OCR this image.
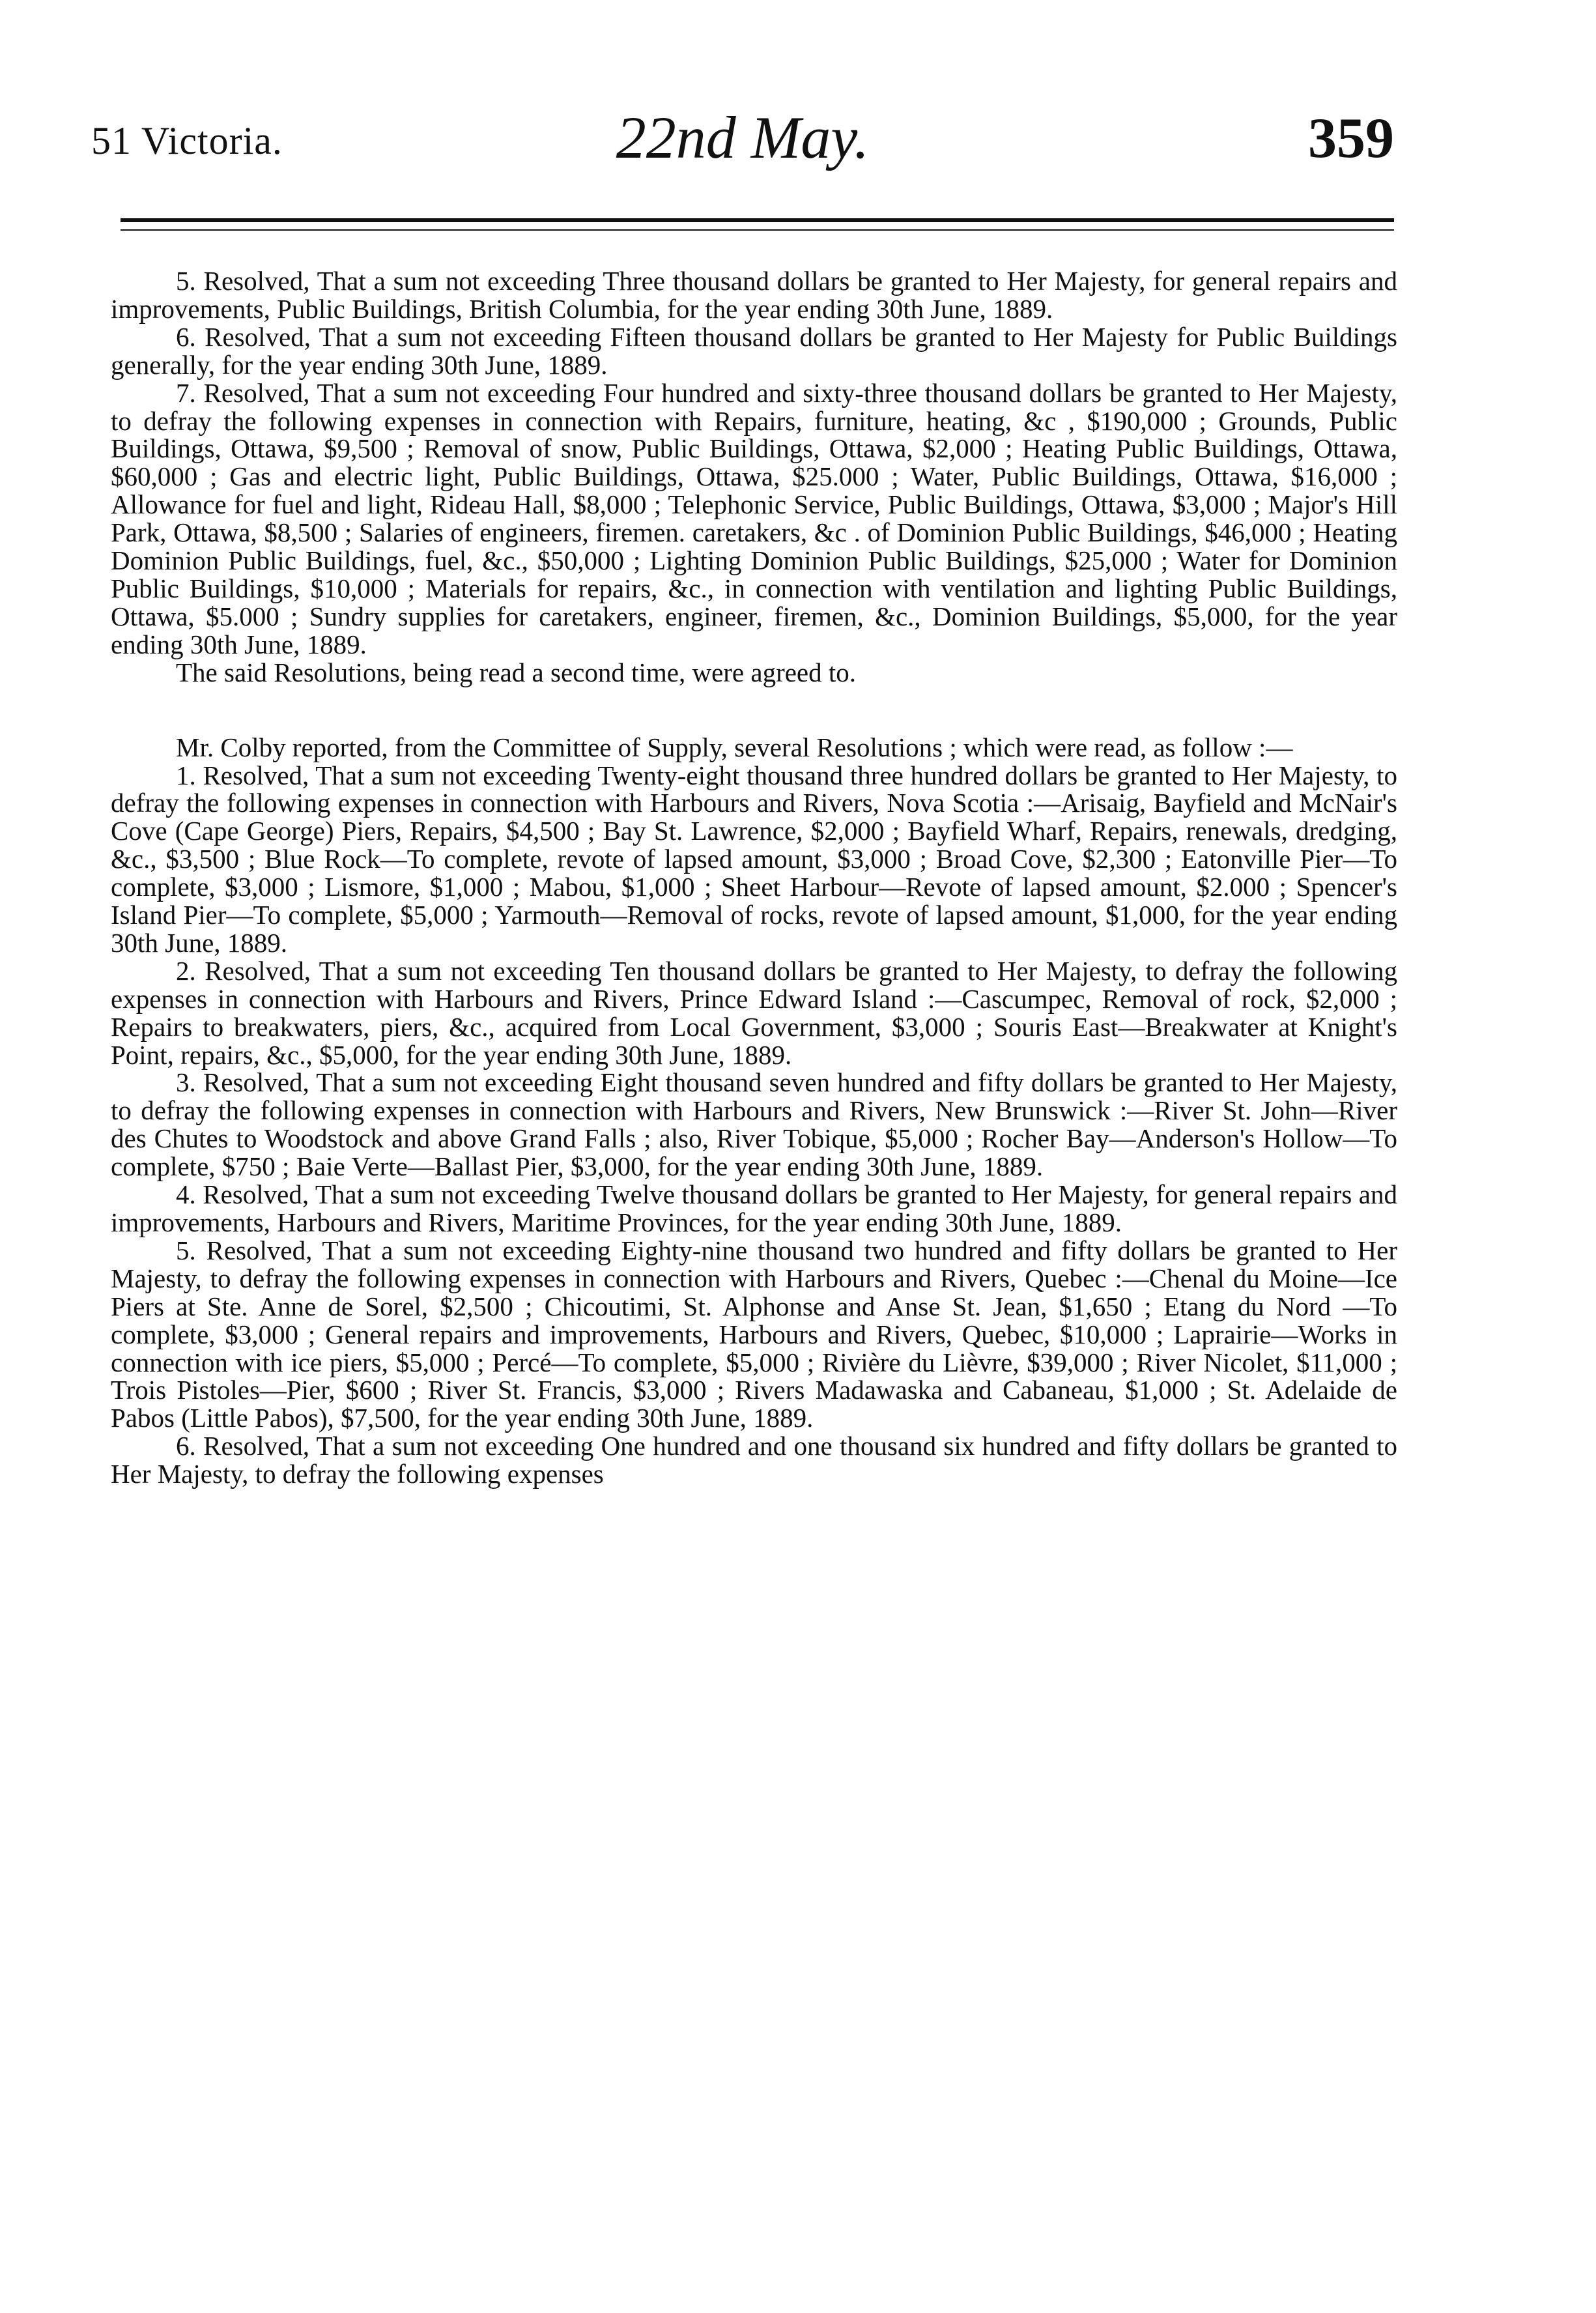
51 Victoria.	22nd May.	359

5. Resolved, That a sum not exceeding Three thousand dollars be granted to Her Majesty, for general repairs and improvements, Public Buildings, British Columbia, for the year ending 30th June, 1889.

6. Resolved, That a sum not exceeding Fifteen thousand dollars be granted to Her Majesty for Public Buildings generally, for the year ending 30th June, 1889.

7. Resolved, That a sum not exceeding Four hundred and sixty-three thousand dollars be granted to Her Majesty, to defray the following expenses in connection with Repairs, furniture, heating, &c , $190,000 ; Grounds, Public Buildings, Ottawa, $9,500 ; Removal of snow, Public Buildings, Ottawa, $2,000 ; Heating Public Buildings, Ottawa, $60,000 ; Gas and electric light, Public Buildings, Ottawa, $25.000 ; Water, Public Buildings, Ottawa, $16,000 ; Allowance for fuel and light, Rideau Hall, $8,000 ; Telephonic Service, Public Buildings, Ottawa, $3,000 ; Major's Hill Park, Ottawa, $8,500 ; Salaries of engineers, firemen. caretakers, &c . of Dominion Public Buildings, $46,000 ; Heating Dominion Public Buildings, fuel, &c., $50,000 ; Lighting Dominion Public Buildings, $25,000 ; Water for Dominion Public Buildings, $10,000 ; Materials for repairs, &c., in connection with ventilation and lighting Public Buildings, Ottawa, $5.000 ; Sundry supplies for caretakers, engineer, firemen, &c., Dominion Buildings, $5,000, for the year ending 30th June, 1889.

The said Resolutions, being read a second time, were agreed to.

Mr. Colby reported, from the Committee of Supply, several Resolutions ; which were read, as follow :—

1. Resolved, That a sum not exceeding Twenty-eight thousand three hundred dollars be granted to Her Majesty, to defray the following expenses in connection with Harbours and Rivers, Nova Scotia :—Arisaig, Bayfield and McNair's Cove (Cape George) Piers, Repairs, $4,500 ; Bay St. Lawrence, $2,000 ; Bayfield Wharf, Repairs, renewals, dredging, &c., $3,500 ; Blue Rock—To complete, revote of lapsed amount, $3,000 ; Broad Cove, $2,300 ; Eatonville Pier—To complete, $3,000 ; Lismore, $1,000 ; Mabou, $1,000 ; Sheet Harbour—Revote of lapsed amount, $2.000 ; Spencer's Island Pier—To complete, $5,000 ; Yarmouth—Removal of rocks, revote of lapsed amount, $1,000, for the year ending 30th June, 1889.

2. Resolved, That a sum not exceeding Ten thousand dollars be granted to Her Majesty, to defray the following expenses in connection with Harbours and Rivers, Prince Edward Island :—Cascumpec, Removal of rock, $2,000 ; Repairs to breakwaters, piers, &c., acquired from Local Government, $3,000 ; Souris East—Breakwater at Knight's Point, repairs, &c., $5,000, for the year ending 30th June, 1889.

3. Resolved, That a sum not exceeding Eight thousand seven hundred and fifty dollars be granted to Her Majesty, to defray the following expenses in connection with Harbours and Rivers, New Brunswick :—River St. John—River des Chutes to Woodstock and above Grand Falls ; also, River Tobique, $5,000 ; Rocher Bay—Anderson's Hollow—To complete, $750 ; Baie Verte—Ballast Pier, $3,000, for the year ending 30th June, 1889.

4. Resolved, That a sum not exceeding Twelve thousand dollars be granted to Her Majesty, for general repairs and improvements, Harbours and Rivers, Maritime Provinces, for the year ending 30th June, 1889.

5. Resolved, That a sum not exceeding Eighty-nine thousand two hundred and fifty dollars be granted to Her Majesty, to defray the following expenses in connection with Harbours and Rivers, Quebec :—Chenal du Moine—Ice Piers at Ste. Anne de Sorel, $2,500 ; Chicoutimi, St. Alphonse and Anse St. Jean, $1,650 ; Etang du Nord —To complete, $3,000 ; General repairs and improvements, Harbours and Rivers, Quebec, $10,000 ; Laprairie—Works in connection with ice piers, $5,000 ; Percé—To complete, $5,000 ; Rivière du Lièvre, $39,000 ; River Nicolet, $11,000 ; Trois Pistoles—Pier, $600 ; River St. Francis, $3,000 ; Rivers Madawaska and Cabaneau, $1,000 ; St. Adelaide de Pabos (Little Pabos), $7,500, for the year ending 30th June, 1889.

6. Resolved, That a sum not exceeding One hundred and one thousand six hundred and fifty dollars be granted to Her Majesty, to defray the following expenses
